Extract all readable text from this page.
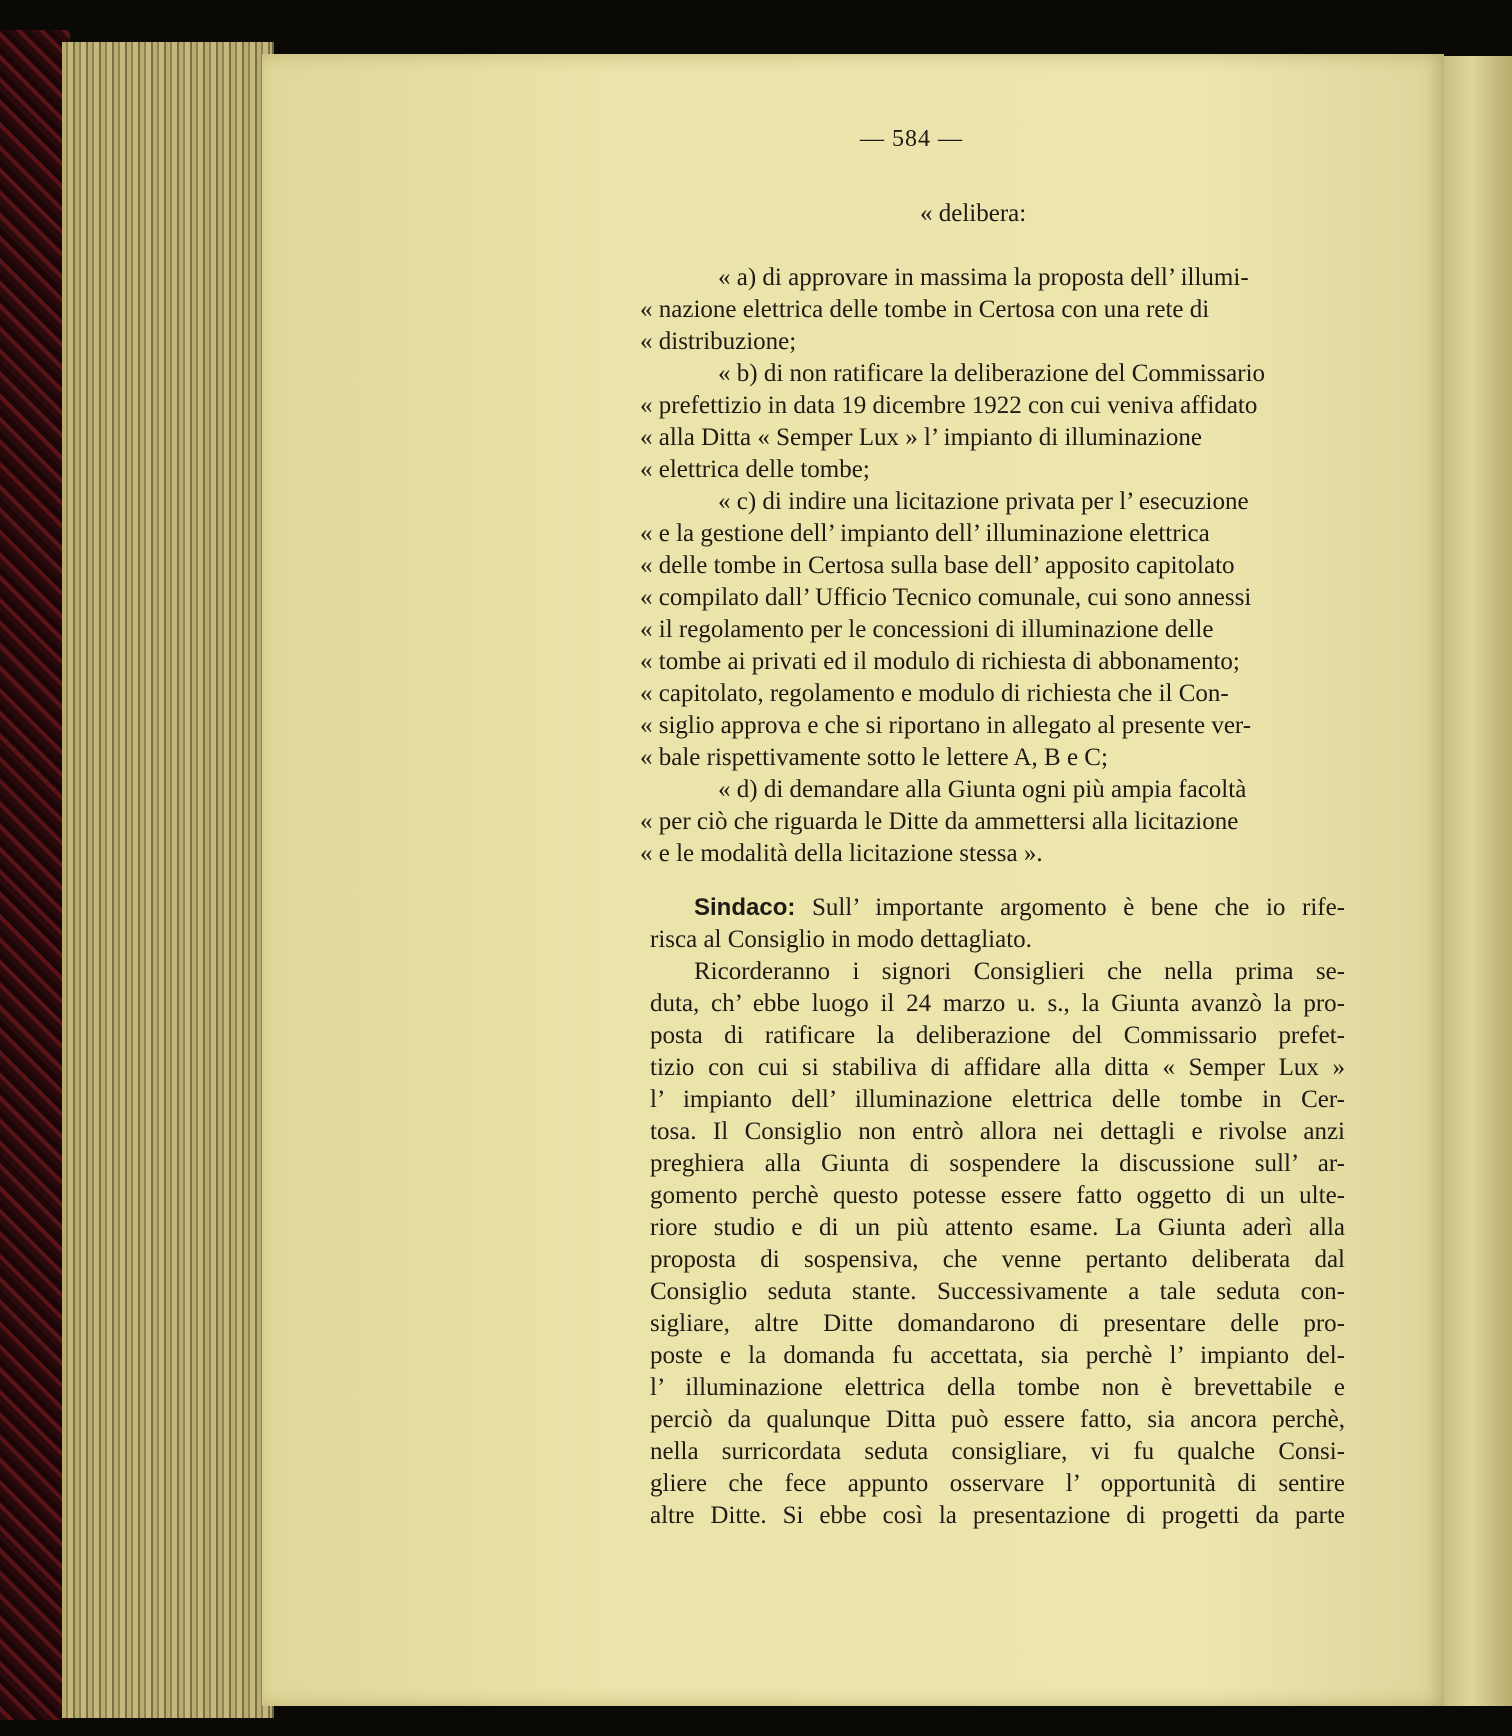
— 584 —
« delibera:
« a) di approvare in massima la proposta dell’ illumi-
« nazione elettrica delle tombe in Certosa con una rete di
« distribuzione;
« b) di non ratificare la deliberazione del Commissario
« prefettizio in data 19 dicembre 1922 con cui veniva affidato
« alla Ditta « Semper Lux » l’ impianto di illuminazione
« elettrica delle tombe;
« c) di indire una licitazione privata per l’ esecuzione
« e la gestione dell’ impianto dell’ illuminazione elettrica
« delle tombe in Certosa sulla base dell’ apposito capitolato
« compilato dall’ Ufficio Tecnico comunale, cui sono annessi
« il regolamento per le concessioni di illuminazione delle
« tombe ai privati ed il modulo di richiesta di abbonamento;
« capitolato, regolamento e modulo di richiesta che il Con-
« siglio approva e che si riportano in allegato al presente ver-
« bale rispettivamente sotto le lettere A, B e C;
« d) di demandare alla Giunta ogni più ampia facoltà
« per ciò che riguarda le Ditte da ammettersi alla licitazione
« e le modalità della licitazione stessa ».
Sindaco: Sull’ importante argomento è bene che io rife-
risca al Consiglio in modo dettagliato.
Ricorderanno i signori Consiglieri che nella prima se-
duta, ch’ ebbe luogo il 24 marzo u. s., la Giunta avanzò la pro-
posta di ratificare la deliberazione del Commissario prefet-
tizio con cui si stabiliva di affidare alla ditta « Semper Lux »
l’ impianto dell’ illuminazione elettrica delle tombe in Cer-
tosa. Il Consiglio non entrò allora nei dettagli e rivolse anzi
preghiera alla Giunta di sospendere la discussione sull’ ar-
gomento perchè questo potesse essere fatto oggetto di un ulte-
riore studio e di un più attento esame. La Giunta aderì alla
proposta di sospensiva, che venne pertanto deliberata dal
Consiglio seduta stante. Successivamente a tale seduta con-
sigliare, altre Ditte domandarono di presentare delle pro-
poste e la domanda fu accettata, sia perchè l’ impianto del-
l’ illuminazione elettrica della tombe non è brevettabile e
perciò da qualunque Ditta può essere fatto, sia ancora perchè,
nella surricordata seduta consigliare, vi fu qualche Consi-
gliere che fece appunto osservare l’ opportunità di sentire
altre Ditte. Si ebbe così la presentazione di progetti da parte
